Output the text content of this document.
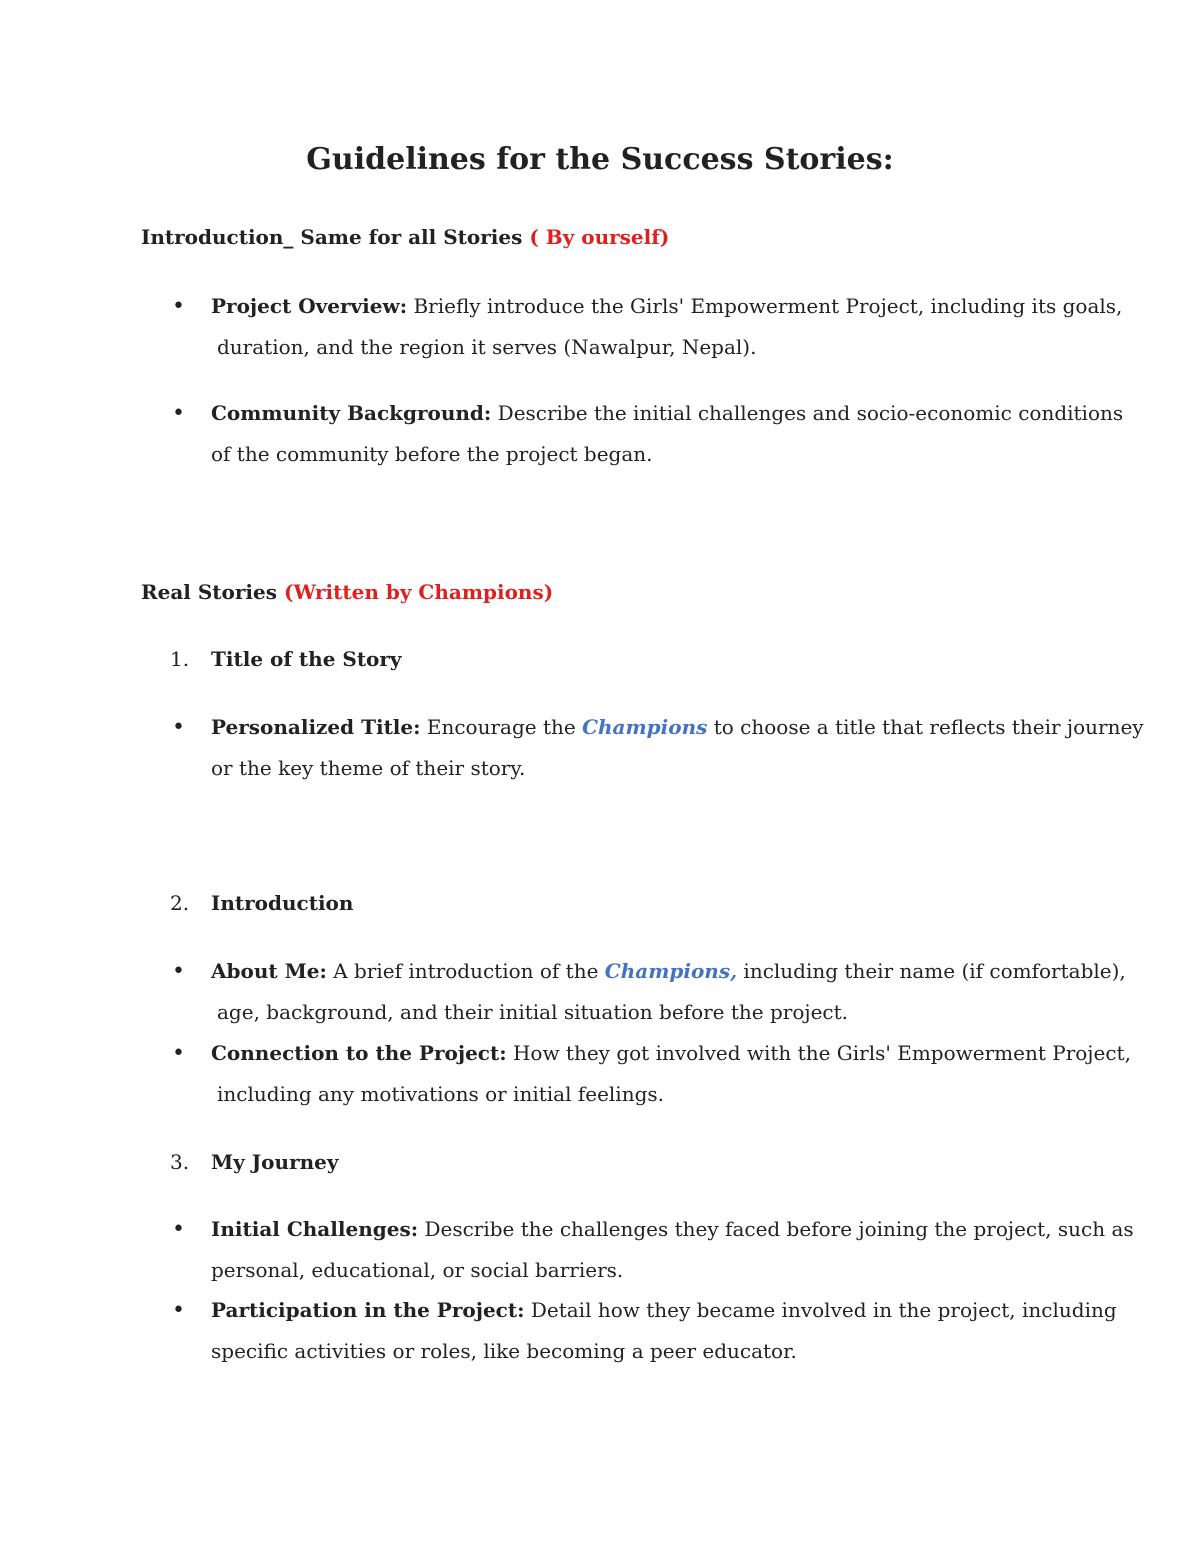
Guidelines for the Success Stories:
Introduction_ Same for all Stories ( By ourself)
•	Project Overview: Briefly introduce the Girls' Empowerment Project, including its goals,
duration, and the region it serves (Nawalpur, Nepal).
•	Community Background: Describe the initial challenges and socio-economic conditions
of the community before the project began.
Real Stories (Written by Champions)
1.	Title of the Story
•	Personalized Title: Encourage the Champions to choose a title that reflects their journey
or the key theme of their story.
2.	Introduction
•	About Me: A brief introduction of the Champions, including their name (if comfortable),
age, background, and their initial situation before the project.
•	Connection to the Project: How they got involved with the Girls' Empowerment Project,
including any motivations or initial feelings.
3.	My Journey
•	Initial Challenges: Describe the challenges they faced before joining the project, such as
personal, educational, or social barriers.
•	Participation in the Project: Detail how they became involved in the project, including
specific activities or roles, like becoming a peer educator.
